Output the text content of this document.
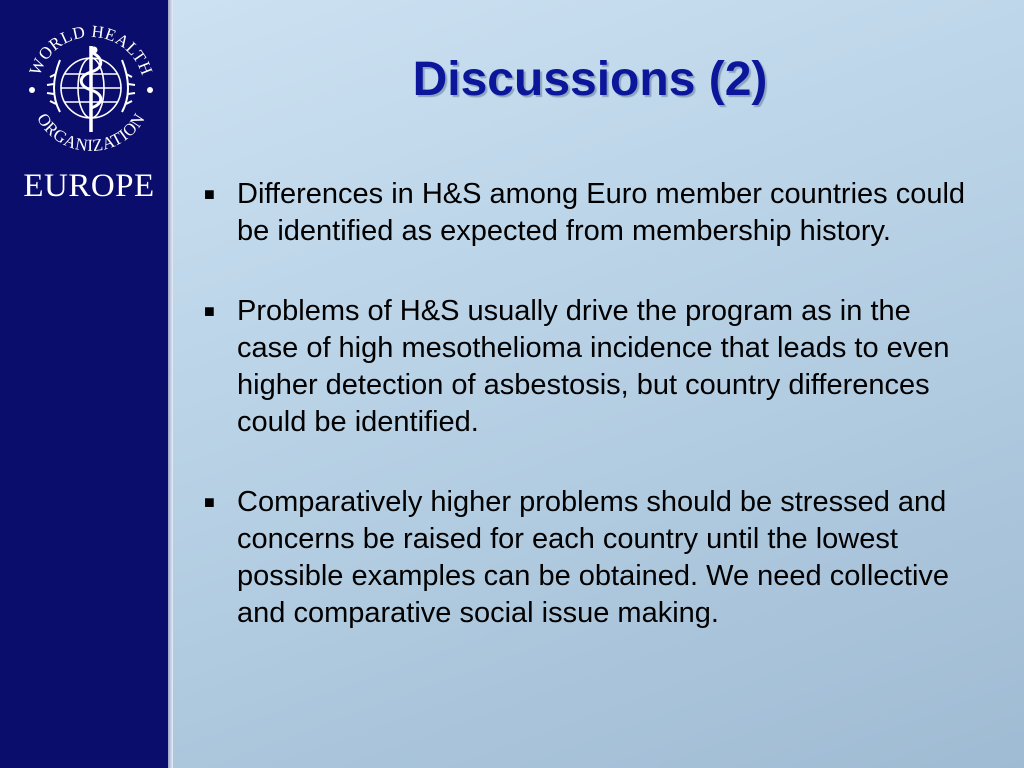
WORLD HEALTH
ORGANIZATION
EUROPE
Discussions (2)
■ Differences in H&S among Euro member countries could be identified as expected from membership history.
■ Problems of H&S usually drive the program as in the case of high mesothelioma incidence that leads to even higher detection of asbestosis, but country differences could be identified.
■ Comparatively higher problems should be stressed and concerns be raised for each country until the lowest possible examples can be obtained. We need collective and comparative social issue making.
